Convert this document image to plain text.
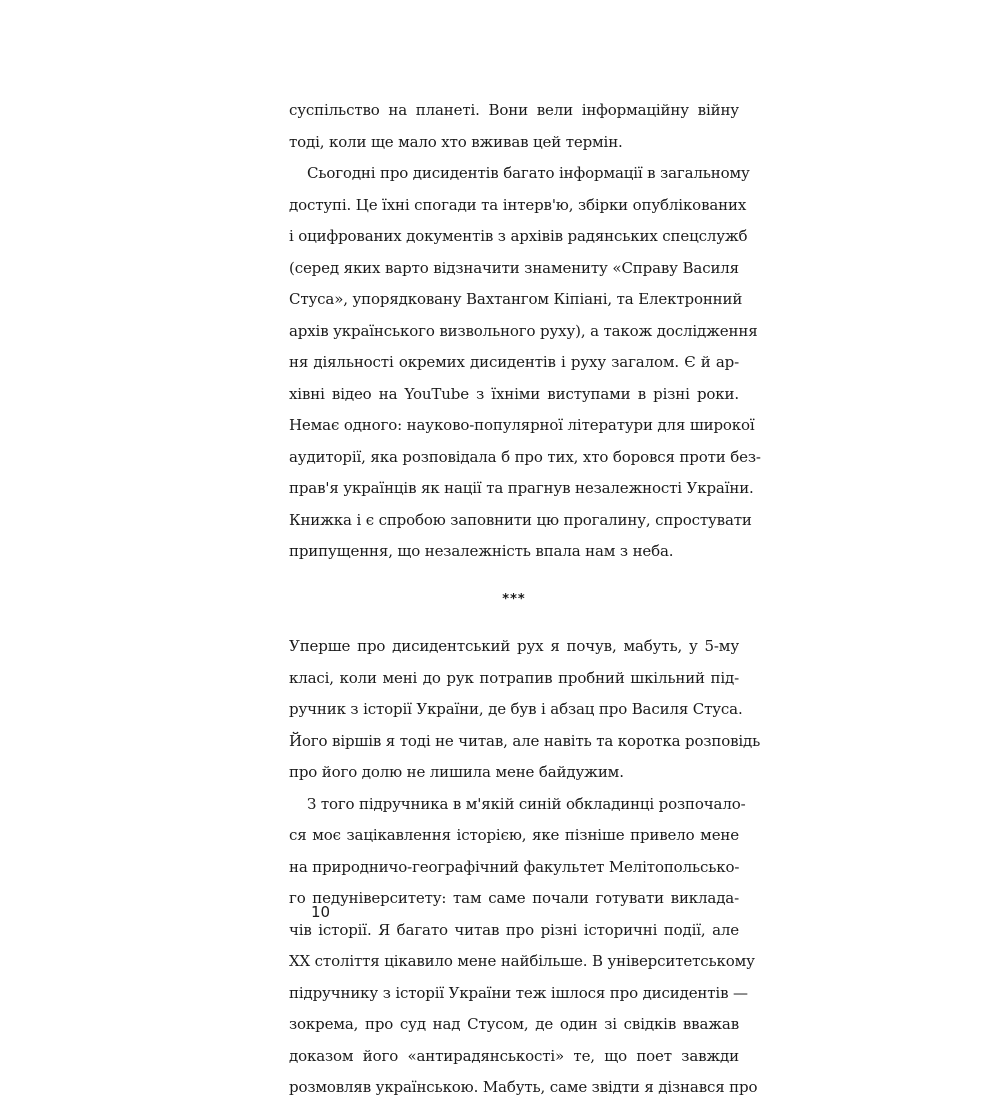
суспільство на планеті. Вони вели інформаційну війну
тоді, коли ще мало хто вживав цей термін.
Сьогодні про дисидентів багато інформації в загальному
доступі. Це їхні спогади та інтерв'ю, збірки опублікованих
і оцифрованих документів з архівів радянських спецслужб
(серед яких варто відзначити знамениту «Справу Василя
Стуса», упорядковану Вахтангом Кіпіані, та Електронний
архів українського визвольного руху), а також дослідження
ня діяльності окремих дисидентів і руху загалом. Є й ар-
хівні відео на YouTube з їхніми виступами в різні роки.
Немає одного: науково-популярної літератури для широкої
аудиторії, яка розповідала б про тих, хто боровся проти без-
прав'я українців як нації та прагнув незалежності України.
Книжка і є спробою заповнити цю прогалину, спростувати
припущення, що незалежність впала нам з неба.
***
Уперше про дисидентський рух я почув, мабуть, у 5-му
класі, коли мені до рук потрапив пробний шкільний під-
ручник з історії України, де був і абзац про Василя Стуса.
Його віршів я тоді не читав, але навіть та коротка розповідь
про його долю не лишила мене байдужим.
З того підручника в м'якій синій обкладинці розпочало-
ся моє зацікавлення історією, яке пізніше привело мене
на природничо-географічний факультет Мелітопольсько-
го педуніверситету: там саме почали готувати виклада-
чів історії. Я багато читав про різні історичні події, але
XX століття цікавило мене найбільше. В університетському
підручнику з історії України теж ішлося про дисидентів —
зокрема, про суд над Стусом, де один зі свідків вважав
доказом його «антирадянськості» те, що поет завжди
розмовляв українською. Мабуть, саме звідти я дізнався про
10
